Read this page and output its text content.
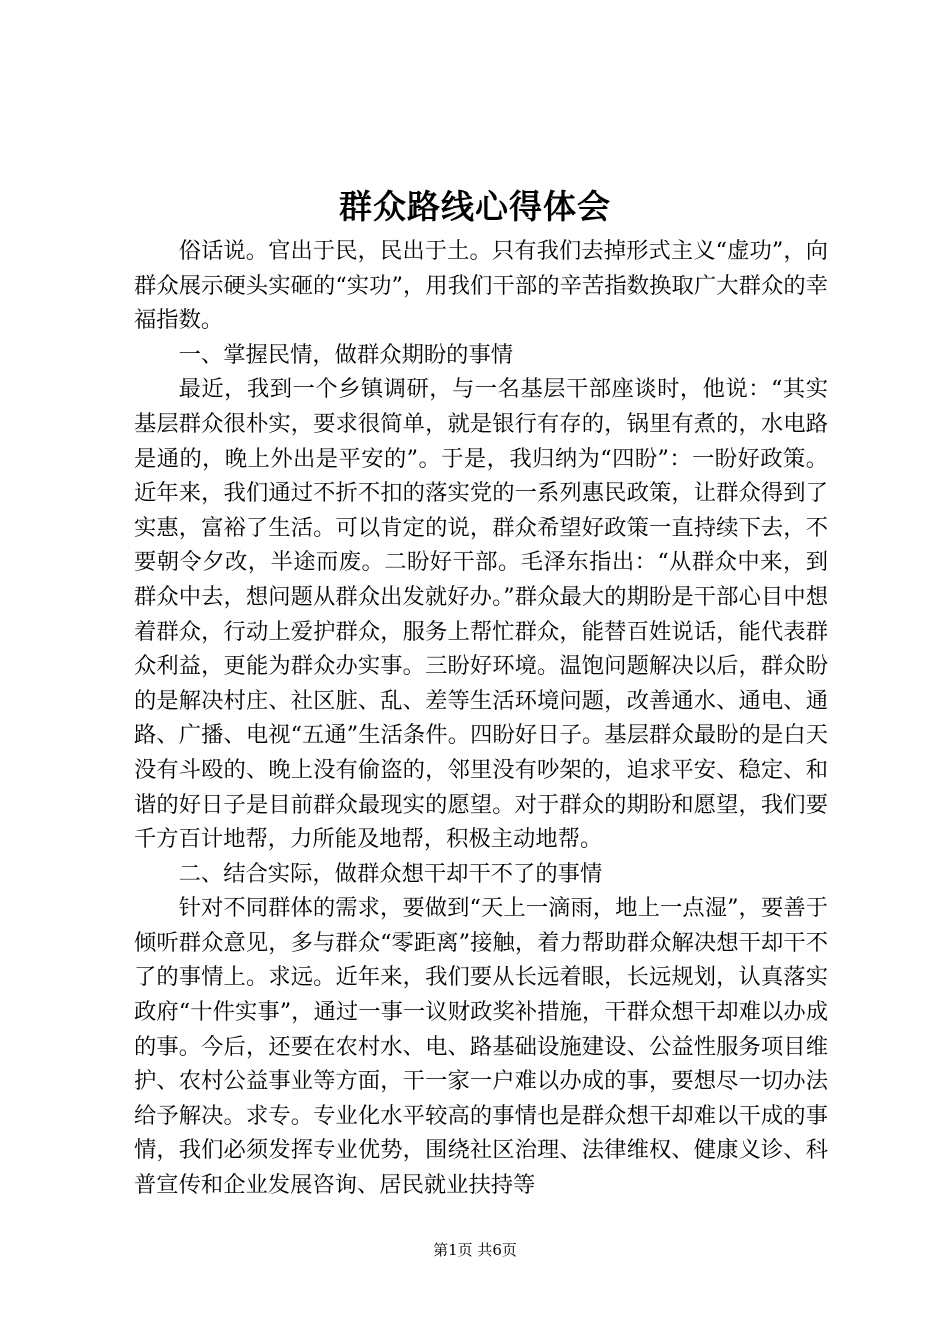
群众路线心得体会

俗话说。官出于民，民出于土。只有我们去掉形式主义“虚功”，向群众展示硬头实砸的“实功”，用我们干部的辛苦指数换取广大群众的幸福指数。

一、掌握民情，做群众期盼的事情

最近，我到一个乡镇调研，与一名基层干部座谈时，他说：“其实基层群众很朴实，要求很简单，就是银行有存的，锅里有煮的，水电路是通的，晚上外出是平安的”。于是，我归纳为“四盼”：一盼好政策。近年来，我们通过不折不扣的落实党的一系列惠民政策，让群众得到了实惠，富裕了生活。可以肯定的说，群众希望好政策一直持续下去，不要朝令夕改，半途而废。二盼好干部。毛泽东指出：“从群众中来，到群众中去，想问题从群众出发就好办。”群众最大的期盼是干部心目中想着群众，行动上爱护群众，服务上帮忙群众，能替百姓说话，能代表群众利益，更能为群众办实事。三盼好环境。温饱问题解决以后，群众盼的是解决村庄、社区脏、乱、差等生活环境问题，改善通水、通电、通路、广播、电视“五通”生活条件。四盼好日子。基层群众最盼的是白天没有斗殴的、晚上没有偷盗的，邻里没有吵架的，追求平安、稳定、和谐的好日子是目前群众最现实的愿望。对于群众的期盼和愿望，我们要千方百计地帮，力所能及地帮，积极主动地帮。

二、结合实际，做群众想干却干不了的事情

针对不同群体的需求，要做到“天上一滴雨，地上一点湿”，要善于倾听群众意见，多与群众“零距离”接触，着力帮助群众解决想干却干不了的事情上。求远。近年来，我们要从长远着眼，长远规划，认真落实政府“十件实事”，通过一事一议财政奖补措施，干群众想干却难以办成的事。今后，还要在农村水、电、路基础设施建设、公益性服务项目维护、农村公益事业等方面，干一家一户难以办成的事，要想尽一切办法给予解决。求专。专业化水平较高的事情也是群众想干却难以干成的事情，我们必须发挥专业优势，围绕社区治理、法律维权、健康义诊、科普宣传和企业发展咨询、居民就业扶持等

第1页 共6页
